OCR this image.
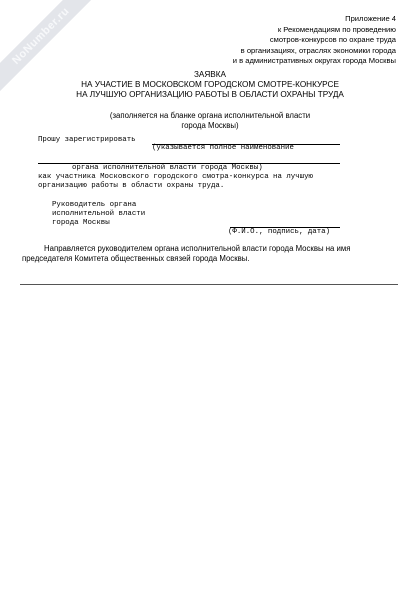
NoNumber.ru	Приложение 4
к Рекомендациям по проведению
смотров-конкурсов по охране труда
в организациях, отраслях экономики города
и в административных округах города Москвы
ЗАЯВКА
НА УЧАСТИЕ В МОСКОВСКОМ ГОРОДСКОМ СМОТРЕ-КОНКУРСЕ
НА ЛУЧШУЮ ОРГАНИЗАЦИЮ РАБОТЫ В ОБЛАСТИ ОХРАНЫ ТРУДА
(заполняется на бланке органа исполнительной власти
города Москвы)
Прошу зарегистрировать
(указывается полное наименование
органа исполнительной власти города Москвы)
как участника Московского городского смотра-конкурса на лучшую
организацию работы в области охраны труда.
Руководитель органа
исполнительной власти
города Москвы
(Ф.И.О., подпись, дата)
Направляется руководителем органа исполнительной власти города Москвы на имя
председателя Комитета общественных связей города Москвы.
